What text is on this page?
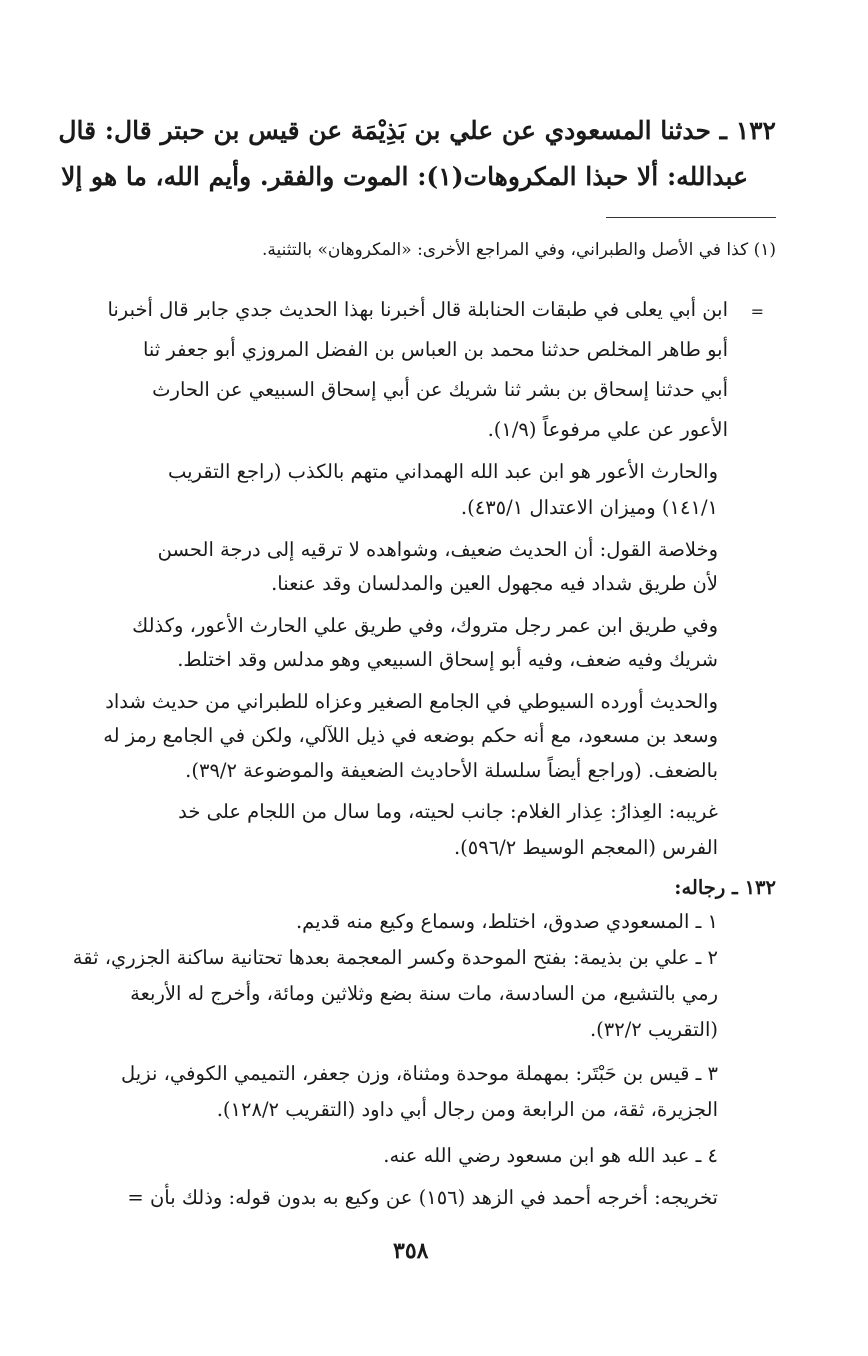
١٣٢ ـ حدثنا المسعودي عن علي بن بَذِيْمَة عن قيس بن حبتر قال: قال
عبدالله: ألا حبذا المكروهات(١): الموت والفقر. وأيم الله، ما هو إلا
(١) كذا في الأصل والطبراني، وفي المراجع الأخرى: «المكروهان» بالتثنية.
=
ابن أبي يعلى في طبقات الحنابلة قال أخبرنا بهذا الحديث جدي جابر قال أخبرنا
أبو طاهر المخلص حدثنا محمد بن العباس بن الفضل المروزي أبو جعفر ثنا
أبي حدثنا إسحاق بن بشر ثنا شريك عن أبي إسحاق السبيعي عن الحارث
الأعور عن علي مرفوعاً (١/٩).
والحارث الأعور هو ابن عبد الله الهمداني متهم بالكذب (راجع التقريب
١٤١/١) وميزان الاعتدال ٤٣٥/١).
وخلاصة القول: أن الحديث ضعيف، وشواهده لا ترقيه إلى درجة الحسن
لأن طريق شداد فيه مجهول العين والمدلسان وقد عنعنا.
وفي طريق ابن عمر رجل متروك، وفي طريق علي الحارث الأعور، وكذلك
شريك وفيه ضعف، وفيه أبو إسحاق السبيعي وهو مدلس وقد اختلط.
والحديث أورده السيوطي في الجامع الصغير وعزاه للطبراني من حديث شداد
وسعد بن مسعود، مع أنه حكم بوضعه في ذيل اللآلي، ولكن في الجامع رمز له
بالضعف. (وراجع أيضاً سلسلة الأحاديث الضعيفة والموضوعة ٣٩/٢).
غريبه: العِذارُ: عِذار الغلام: جانب لحيته، وما سال من اللجام على خد
الفرس (المعجم الوسيط ٥٩٦/٢).
١٣٢ ـ رجاله:
١ ـ المسعودي صدوق، اختلط، وسماع وكيع منه قديم.
٢ ـ علي بن بذيمة: بفتح الموحدة وكسر المعجمة بعدها تحتانية ساكنة الجزري، ثقة
رمي بالتشيع، من السادسة، مات سنة بضع وثلاثين ومائة، وأخرج له الأربعة
(التقريب ٣٢/٢).
٣ ـ قيس بن حَبْتَر: بمهملة موحدة ومثناة، وزن جعفر، التميمي الكوفي، نزيل
الجزيرة، ثقة، من الرابعة ومن رجال أبي داود (التقريب ١٢٨/٢).
٤ ـ عبد الله هو ابن مسعود رضي الله عنه.
تخريجه: أخرجه أحمد في الزهد (١٥٦) عن وكيع به بدون قوله: وذلك بأن =
٣٥٨
